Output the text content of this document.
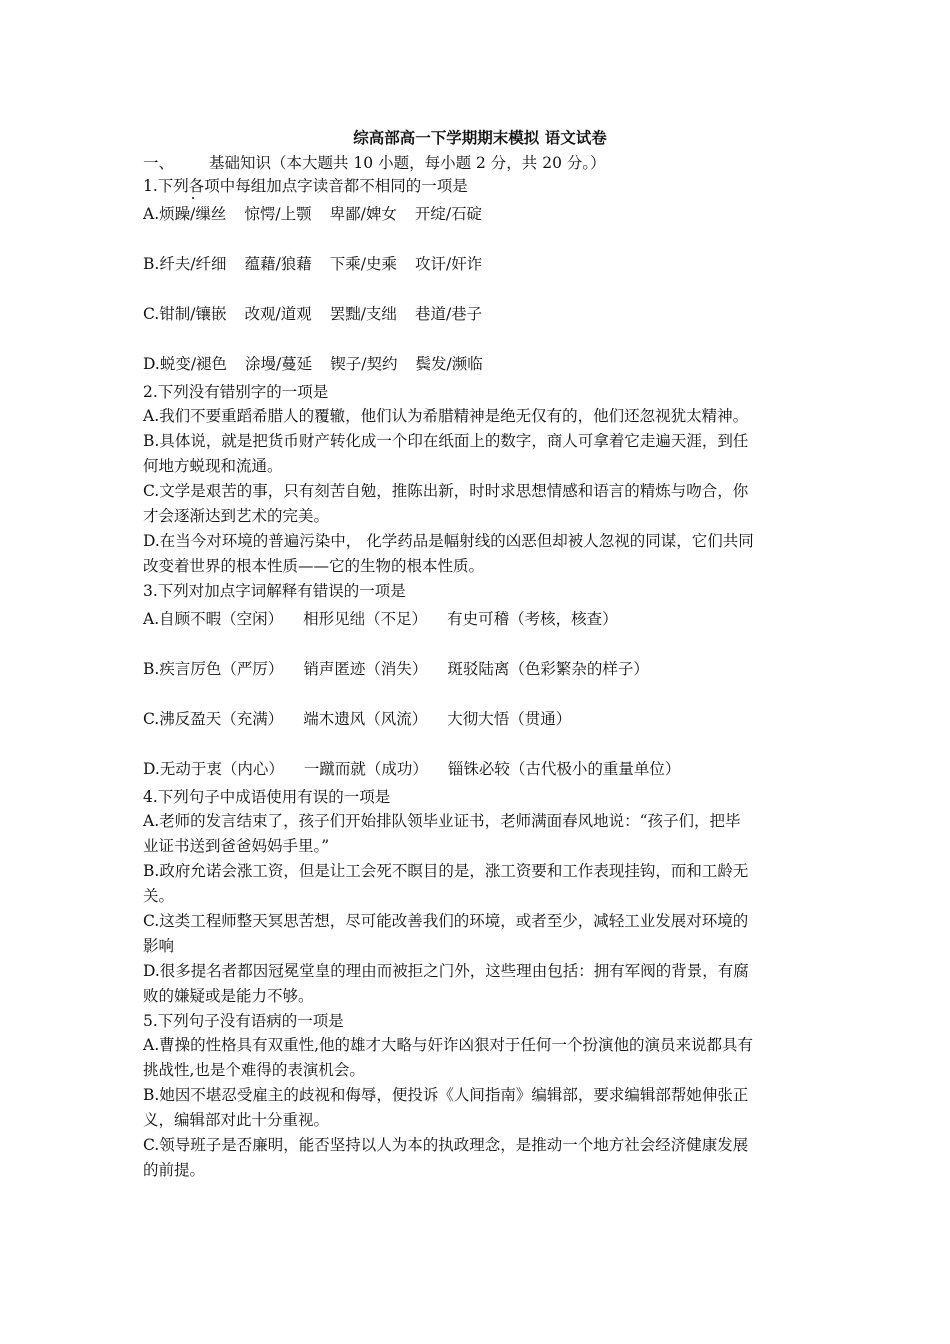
综高部高一下学期期末模拟 语文试卷
一、 基础知识（本大题共 10 小题，每小题 2 分，共 20 分。）
1.下列各项中每组加点字读音都不相同的一项是
A.烦躁/缫丝 惊愕/上颚 卑鄙/婢女 开绽/石碇
B.纤夫/纤细 蕴藉/狼藉 下乘/史乘 攻讦/奸诈
C.钳制/镶嵌 改观/道观 罢黜/支绌 巷道/巷子
D.蜕变/褪色 涂墁/蔓延 锲子/契约 鬓发/濒临
2.下列没有错别字的一项是
A.我们不要重蹈希腊人的覆辙，他们认为希腊精神是绝无仅有的，他们还忽视犹太精神。
B.具体说，就是把货币财产转化成一个印在纸面上的数字，商人可拿着它走遍天涯，到任
何地方蜕现和流通。
C.文学是艰苦的事，只有刻苦自勉，推陈出新，时时求思想情感和语言的精炼与吻合，你
才会逐渐达到艺术的完美。
D.在当今对环境的普遍污染中， 化学药品是幅射线的凶恶但却被人忽视的同谋，它们共同
改变着世界的根本性质——它的生物的根本性质。
3.下列对加点字词解释有错误的一项是
A.自顾不暇（空闲） 相形见绌（不足） 有史可稽（考核，核查）
B.疾言厉色（严厉） 销声匿迹（消失） 斑驳陆离（色彩繁杂的样子）
C.沸反盈天（充满） 端木遗风（风流） 大彻大悟（贯通）
D.无动于衷（内心） 一蹴而就（成功） 锱铢必较（古代极小的重量单位）
4.下列句子中成语使用有误的一项是
A.老师的发言结束了，孩子们开始排队领毕业证书，老师满面春风地说：“孩子们，把毕
业证书送到爸爸妈妈手里。”
B.政府允诺会涨工资，但是让工会死不瞑目的是，涨工资要和工作表现挂钩，而和工龄无
关。
C.这类工程师整天冥思苦想，尽可能改善我们的环境，或者至少，减轻工业发展对环境的
影响
D.很多提名者都因冠冕堂皇的理由而被拒之门外，这些理由包括：拥有军阀的背景，有腐
败的嫌疑或是能力不够。
5.下列句子没有语病的一项是
A.曹操的性格具有双重性,他的雄才大略与奸诈凶狠对于任何一个扮演他的演员来说都具有
挑战性,也是个难得的表演机会。
B.她因不堪忍受雇主的歧视和侮辱，便投诉《人间指南》编辑部，要求编辑部帮她伸张正
义，编辑部对此十分重视。
C.领导班子是否廉明，能否坚持以人为本的执政理念，是推动一个地方社会经济健康发展
的前提。
